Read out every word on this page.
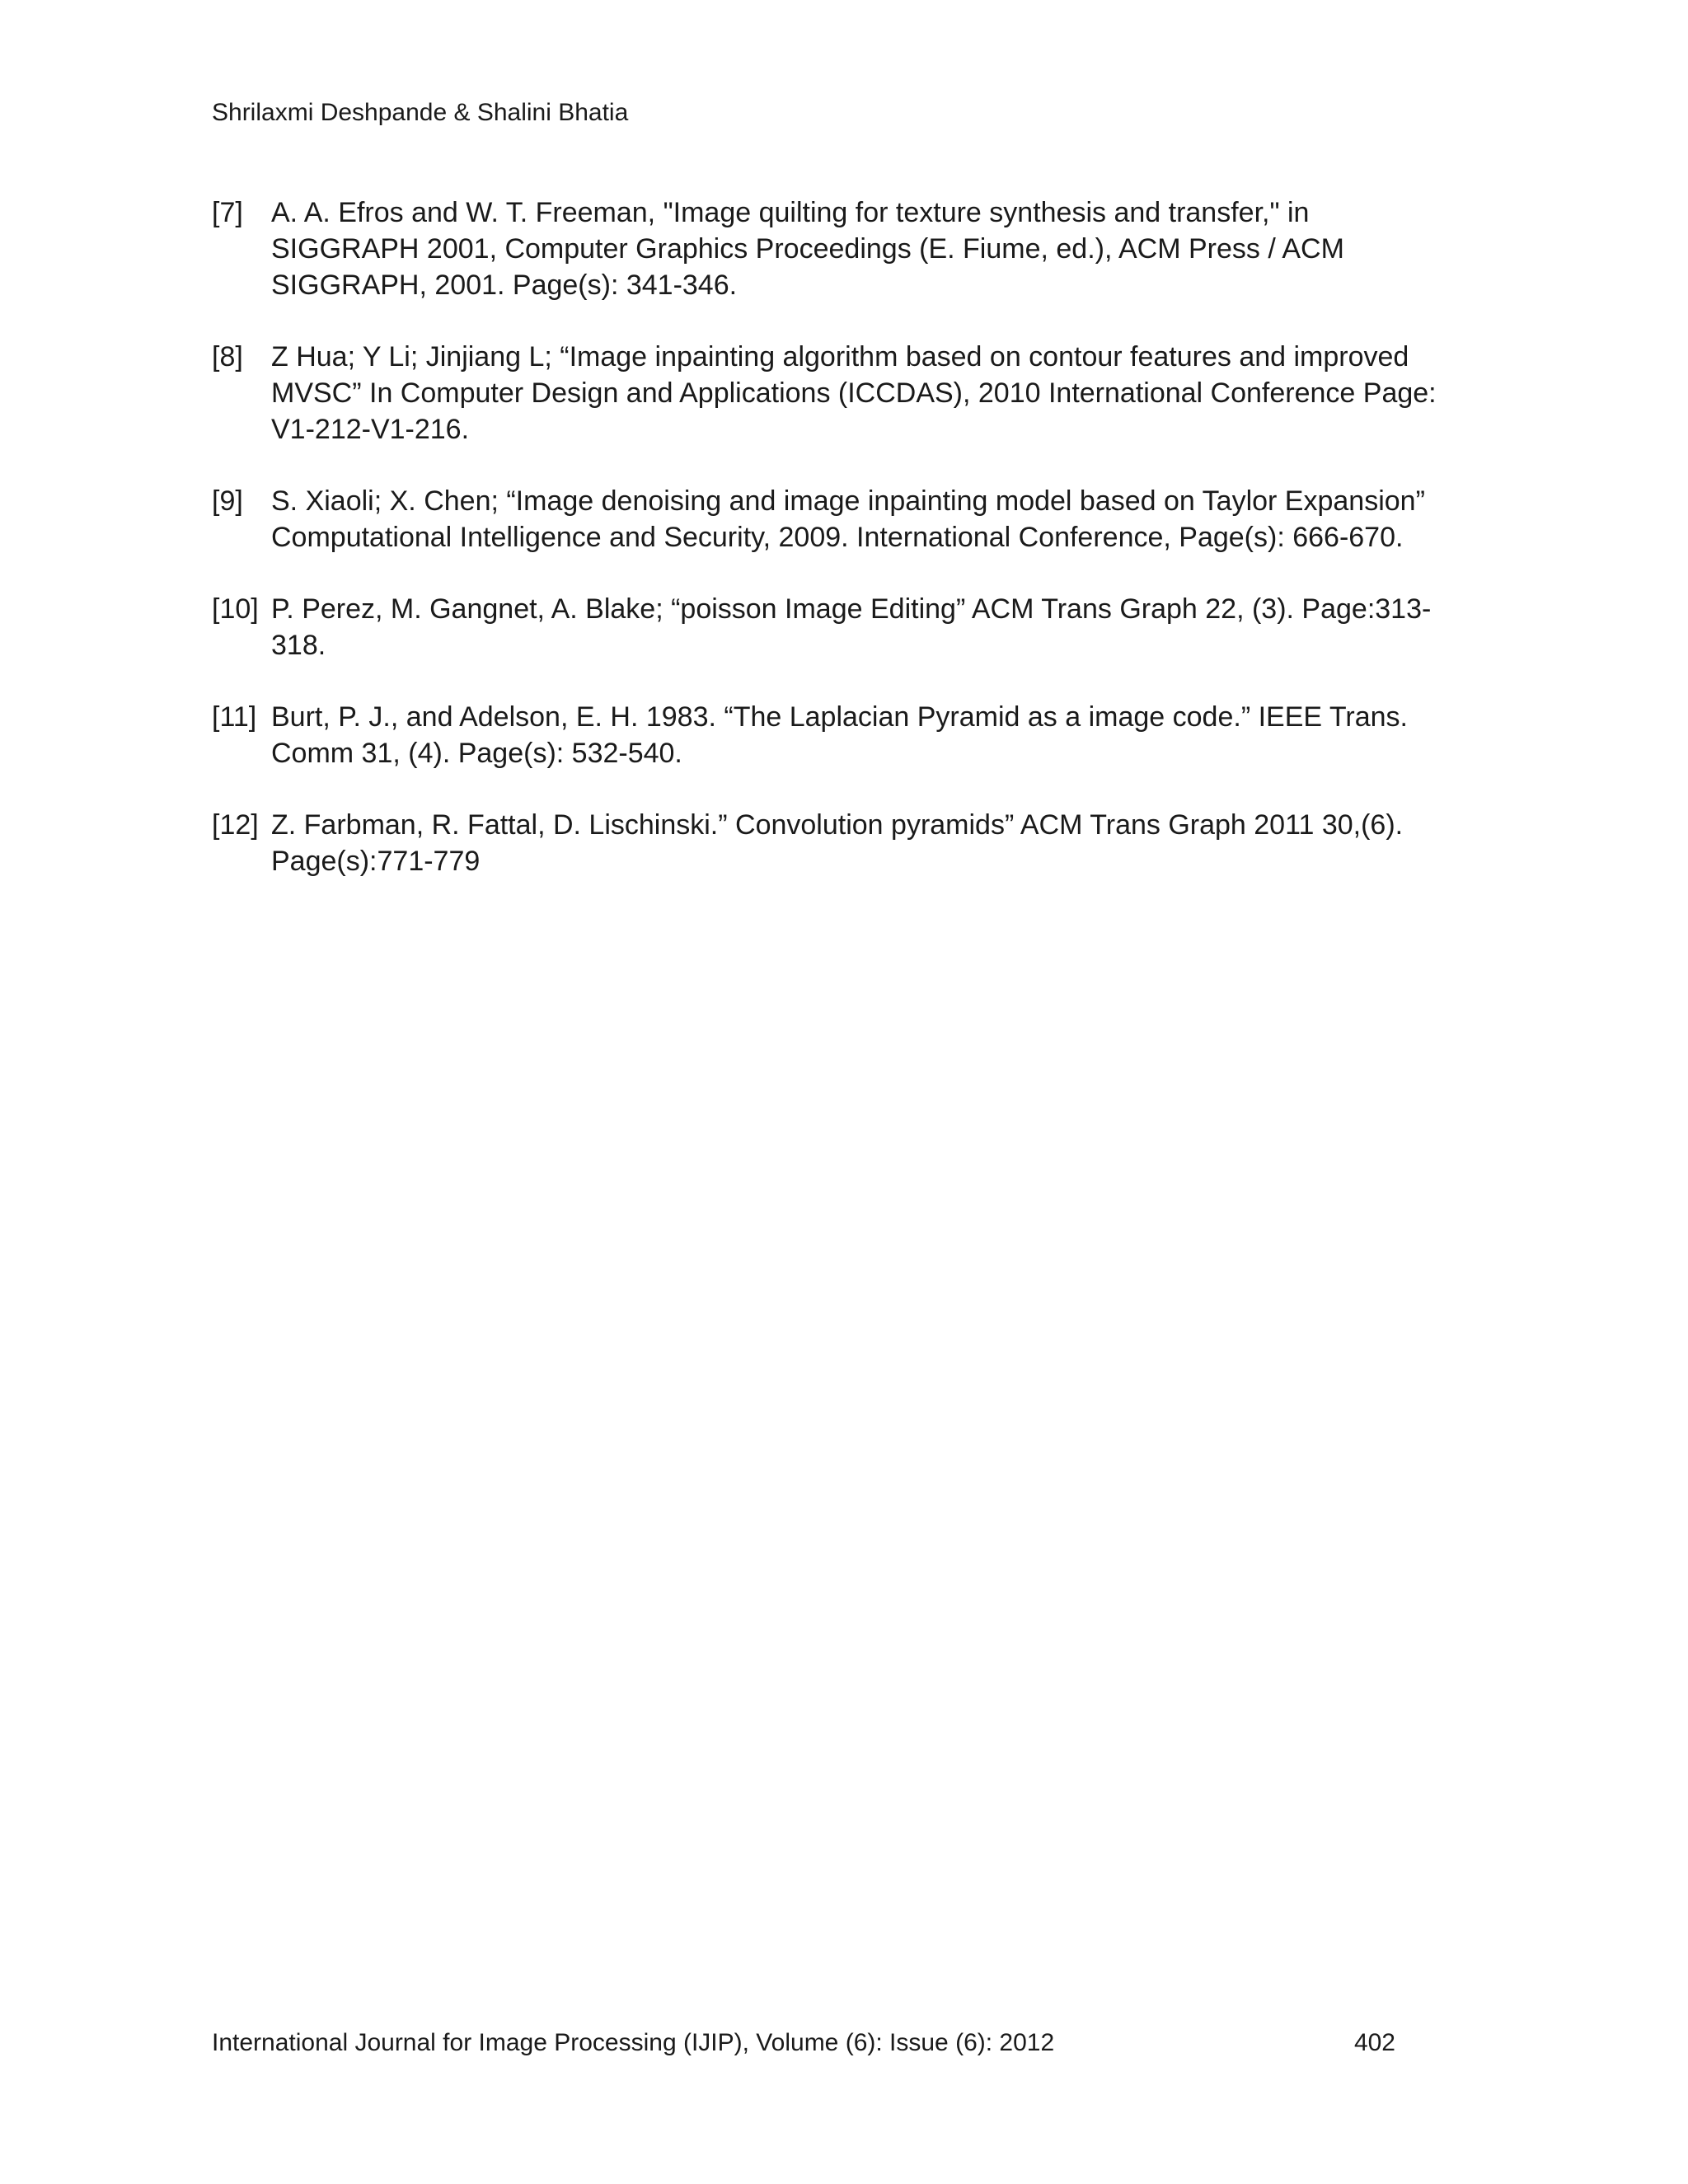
Shrilaxmi Deshpande & Shalini Bhatia
[7] A. A. Efros and W. T. Freeman, "Image quilting for texture synthesis and transfer," in
SIGGRAPH 2001, Computer Graphics Proceedings (E. Fiume, ed.), ACM Press / ACM
SIGGRAPH, 2001. Page(s): 341-346.
[8] Z Hua; Y Li; Jinjiang L; “Image inpainting algorithm based on contour features and improved
MVSC” In Computer Design and Applications (ICCDAS), 2010 International Conference Page:
V1-212-V1-216.
[9] S. Xiaoli; X. Chen; “Image denoising and image inpainting model based on Taylor Expansion”
Computational Intelligence and Security, 2009. International Conference, Page(s): 666-670.
[10] P. Perez, M. Gangnet, A. Blake; “poisson Image Editing” ACM Trans Graph 22, (3). Page:313-
318.
[11] Burt, P. J., and Adelson, E. H. 1983. “The Laplacian Pyramid as a image code.” IEEE Trans.
Comm 31, (4). Page(s): 532-540.
[12] Z. Farbman, R. Fattal, D. Lischinski.” Convolution pyramids” ACM Trans Graph 2011 30,(6).
Page(s):771-779
International Journal for Image Processing (IJIP), Volume (6): Issue (6): 2012	402
